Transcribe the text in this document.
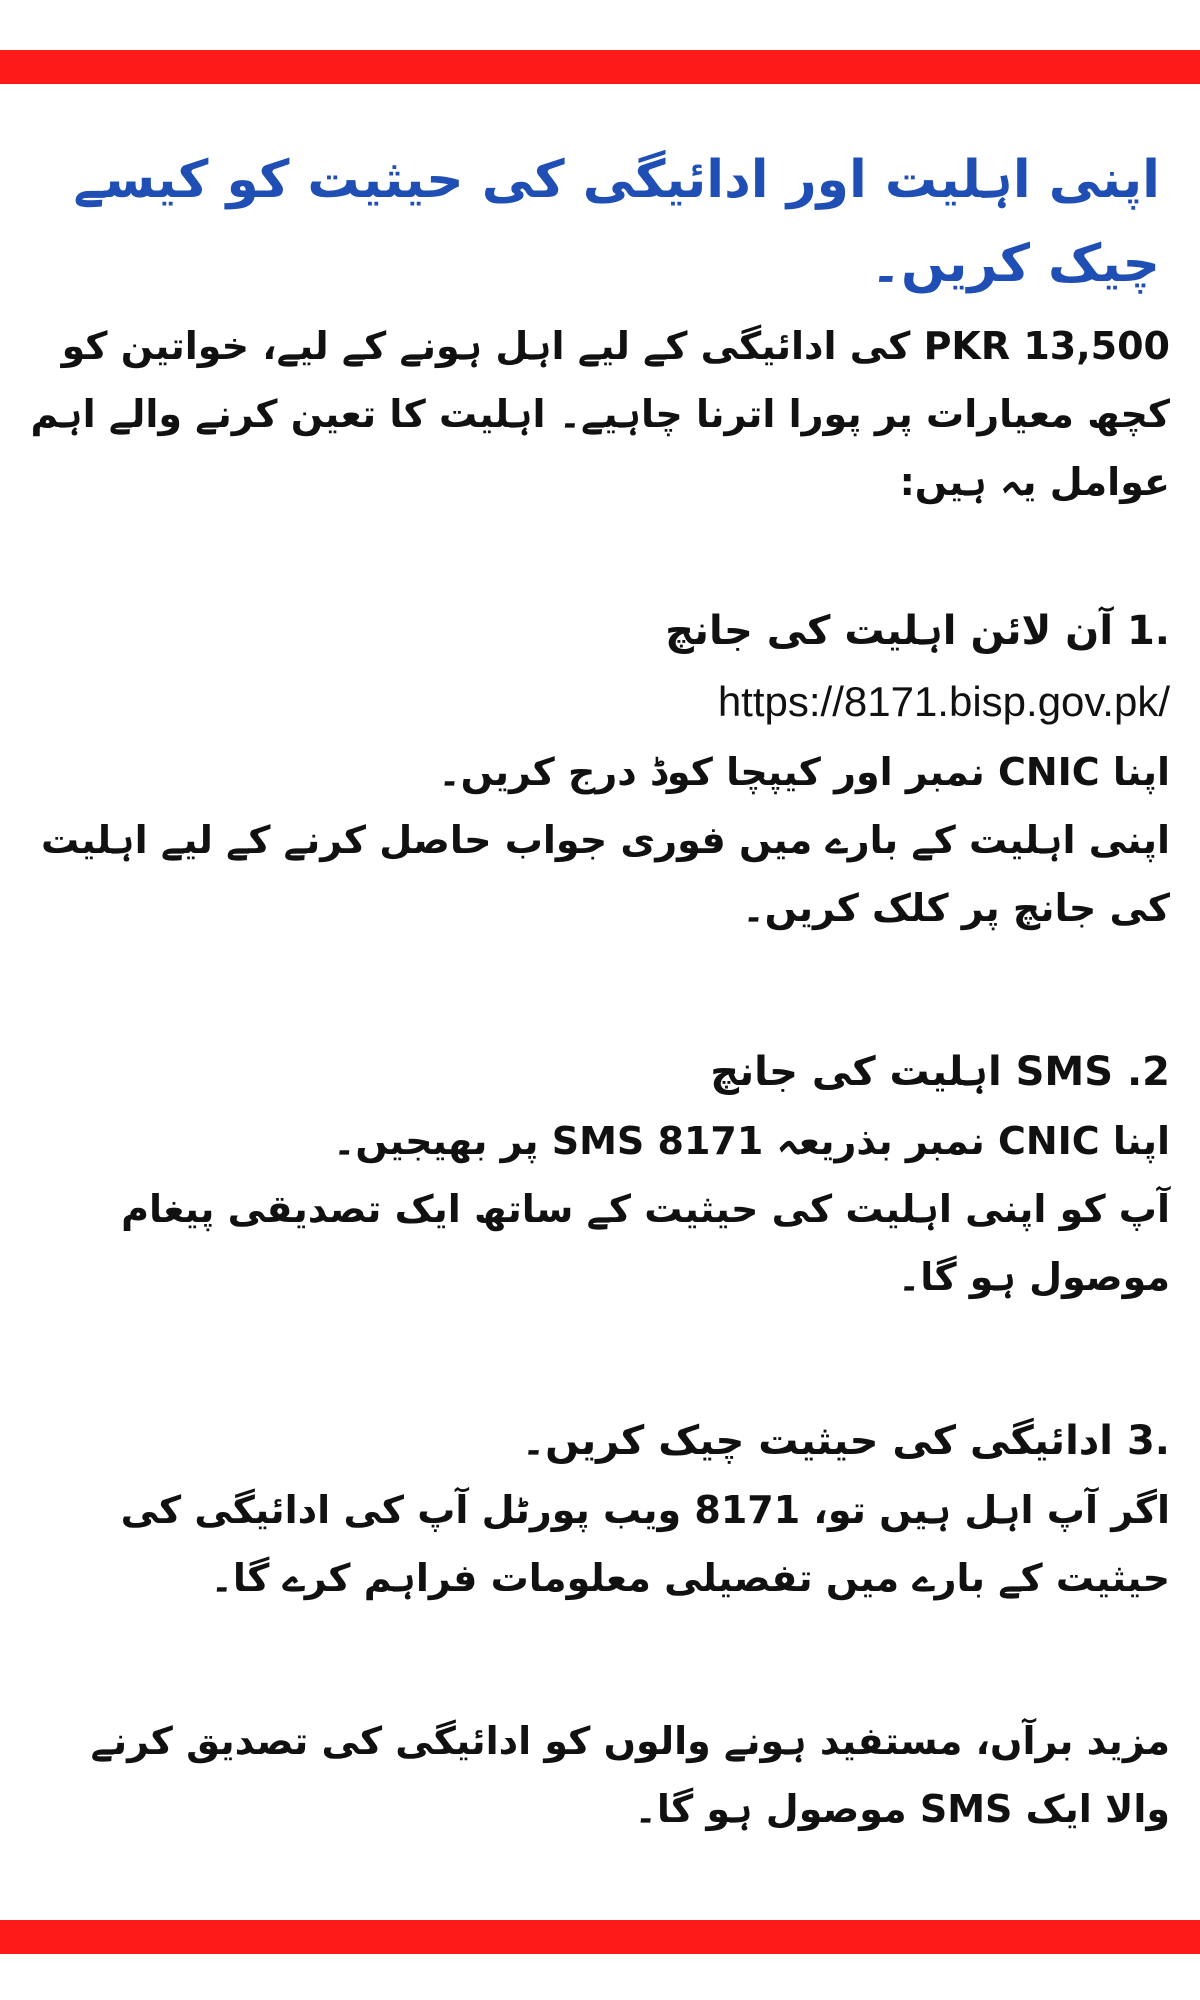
اپنی اہلیت اور ادائیگی کی حیثیت کو کیسے چیک کریں۔

PKR 13,500 کی ادائیگی کے لیے اہل ہونے کے لیے، خواتین کو کچھ معیارات پر پورا اترنا چاہیے۔ اہلیت کا تعین کرنے والے اہم عوامل یہ ہیں:

.1 آن لائن اہلیت کی جانچ

https://8171.bisp.gov.pk/

اپنا CNIC نمبر اور کیپچا کوڈ درج کریں۔

اپنی اہلیت کے بارے میں فوری جواب حاصل کرنے کے لیے اہلیت کی جانچ پر کلک کریں۔

SMS .2 اہلیت کی جانچ

اپنا CNIC نمبر بذریعہ SMS 8171 پر بھیجیں۔

آپ کو اپنی اہلیت کی حیثیت کے ساتھ ایک تصدیقی پیغام موصول ہو گا۔

.3 ادائیگی کی حیثیت چیک کریں۔

اگر آپ اہل ہیں تو، 8171 ویب پورٹل آپ کی ادائیگی کی حیثیت کے بارے میں تفصیلی معلومات فراہم کرے گا۔

مزید برآں، مستفید ہونے والوں کو ادائیگی کی تصدیق کرنے والا ایک SMS موصول ہو گا۔
